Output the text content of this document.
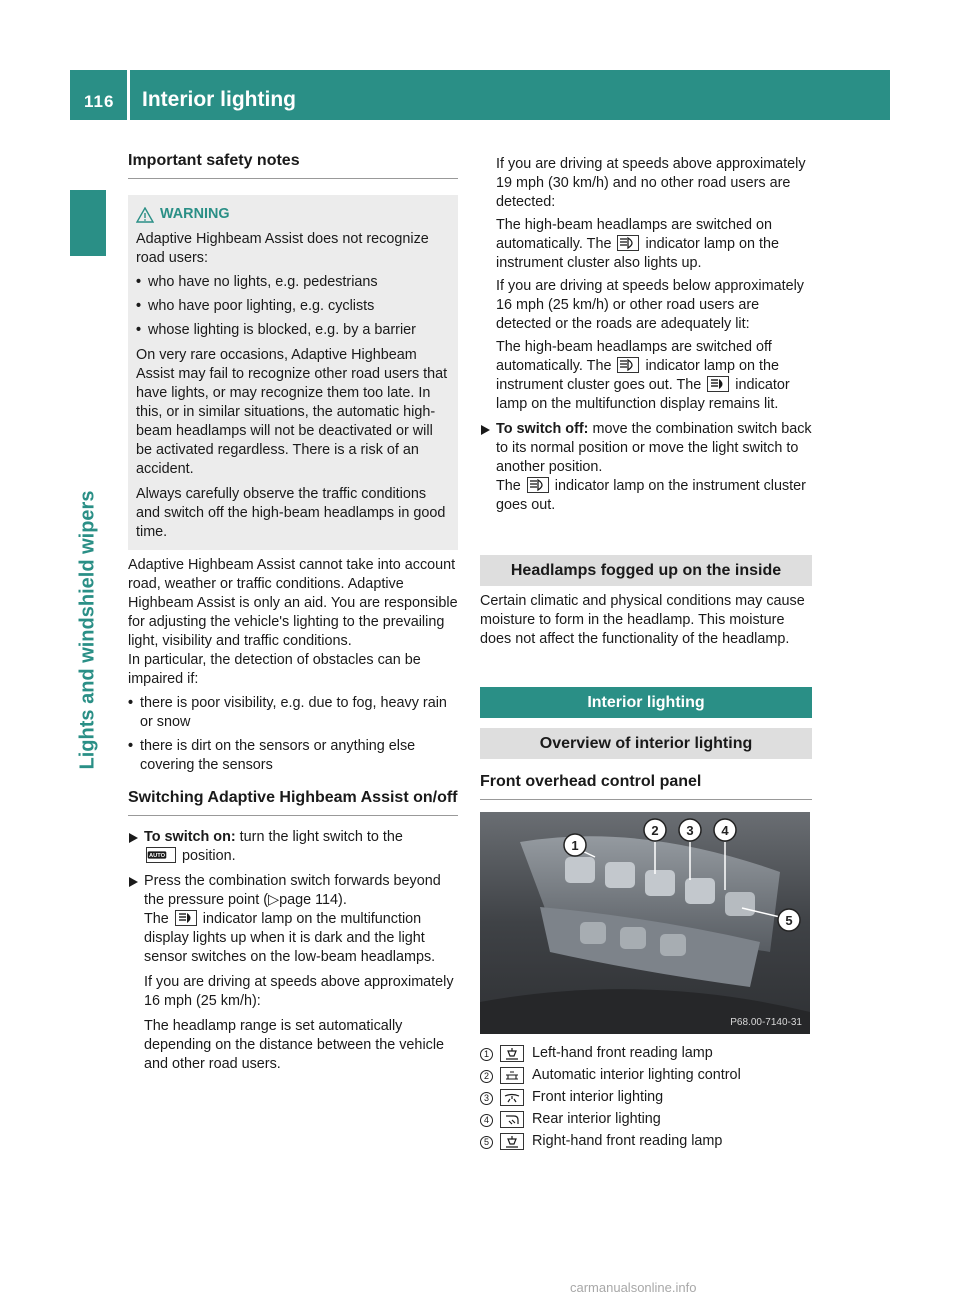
116 Interior lighting
Lights and windshield wipers
Important safety notes
WARNING

Adaptive Highbeam Assist does not recognize road users:

• who have no lights, e.g. pedestrians
• who have poor lighting, e.g. cyclists
• whose lighting is blocked, e.g. by a barrier

On very rare occasions, Adaptive Highbeam Assist may fail to recognize other road users that have lights, or may recognize them too late. In this, or in similar situations, the automatic high-beam headlamps will not be deactivated or will be activated regardless. There is a risk of an accident.

Always carefully observe the traffic conditions and switch off the high-beam headlamps in good time.

Adaptive Highbeam Assist cannot take into account road, weather or traffic conditions. Adaptive Highbeam Assist is only an aid. You are responsible for adjusting the vehicle's lighting to the prevailing light, visibility and traffic conditions.

In particular, the detection of obstacles can be impaired if:

• there is poor visibility, e.g. due to fog, heavy rain or snow
• there is dirt on the sensors or anything else covering the sensors
Switching Adaptive Highbeam Assist on/off
To switch on: turn the light switch to the

AUTO position.
Press the combination switch forwards beyond the pressure point (▷page 114).
The
indicator lamp on the multifunction display lights up when it is dark and the light sensor switches on the low-beam headlamps.

If you are driving at speeds above approximately 16 mph (25 km/h):

The headlamp range is set automatically depending on the distance between the vehicle and other road users.

If you are driving at speeds above approximately 19 mph (30 km/h) and no other road users are detected:

The high-beam headlamps are switched on automatically. The
indicator lamp on the instrument cluster also lights up.

If you are driving at speeds below approximately 16 mph (25 km/h) or other road users are detected or the roads are adequately lit:

The high-beam headlamps are switched off automatically. The
indicator lamp on the instrument cluster goes out. The
indicator lamp on the multifunction display remains lit.

To switch off: move the combination switch back to its normal position or move the light switch to another position.

The
indicator lamp on the instrument cluster goes out.

Headlamps fogged up on the inside

Certain climatic and physical conditions may cause moisture to form in the headlamp. This moisture does not affect the functionality of the headlamp.

Interior lighting
Overview of interior lighting
Front overhead control panel
1
2 3 4
5
P68.00-7140-31
1	Left-hand front reading lamp
2	Automatic interior lighting control
3	Front interior lighting
4	Rear interior lighting
5	Right-hand front reading lamp
carmanualsonline.info
